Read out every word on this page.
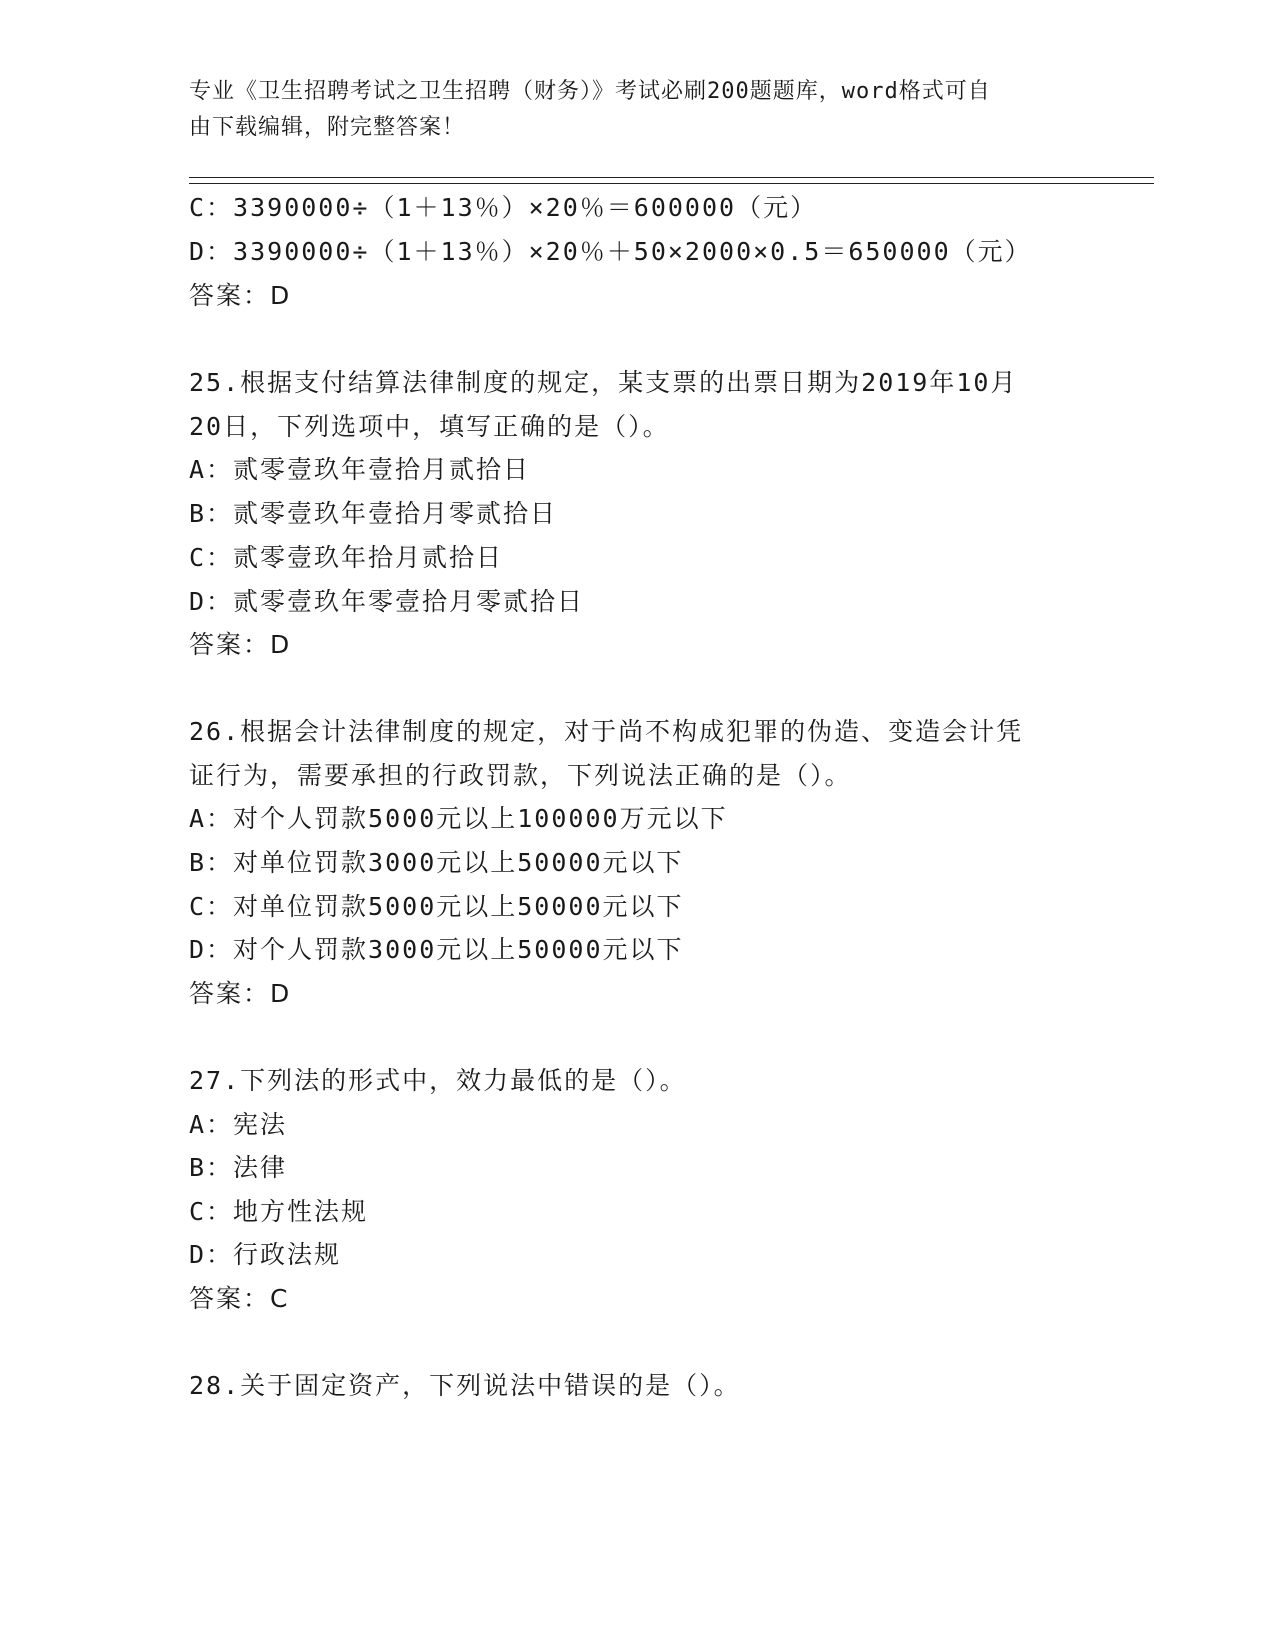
专业《卫生招聘考试之卫生招聘（财务）》考试必刷200题题库，word格式可自
由下载编辑，附完整答案！
C：3390000÷（1＋13％）×20％＝600000（元）
D：3390000÷（1＋13％）×20％＋50×2000×0.5＝650000（元）
答案：D
25.根据支付结算法律制度的规定，某支票的出票日期为2019年10月
20日，下列选项中，填写正确的是（）。
A：贰零壹玖年壹拾月贰拾日
B：贰零壹玖年壹拾月零贰拾日
C：贰零壹玖年拾月贰拾日
D：贰零壹玖年零壹拾月零贰拾日
答案：D
26.根据会计法律制度的规定，对于尚不构成犯罪的伪造、变造会计凭
证行为，需要承担的行政罚款，下列说法正确的是（）。
A：对个人罚款5000元以上100000万元以下
B：对单位罚款3000元以上50000元以下
C：对单位罚款5000元以上50000元以下
D：对个人罚款3000元以上50000元以下
答案：D
27.下列法的形式中，效力最低的是（）。
A：宪法
B：法律
C：地方性法规
D：行政法规
答案：C
28.关于固定资产，下列说法中错误的是（）。
